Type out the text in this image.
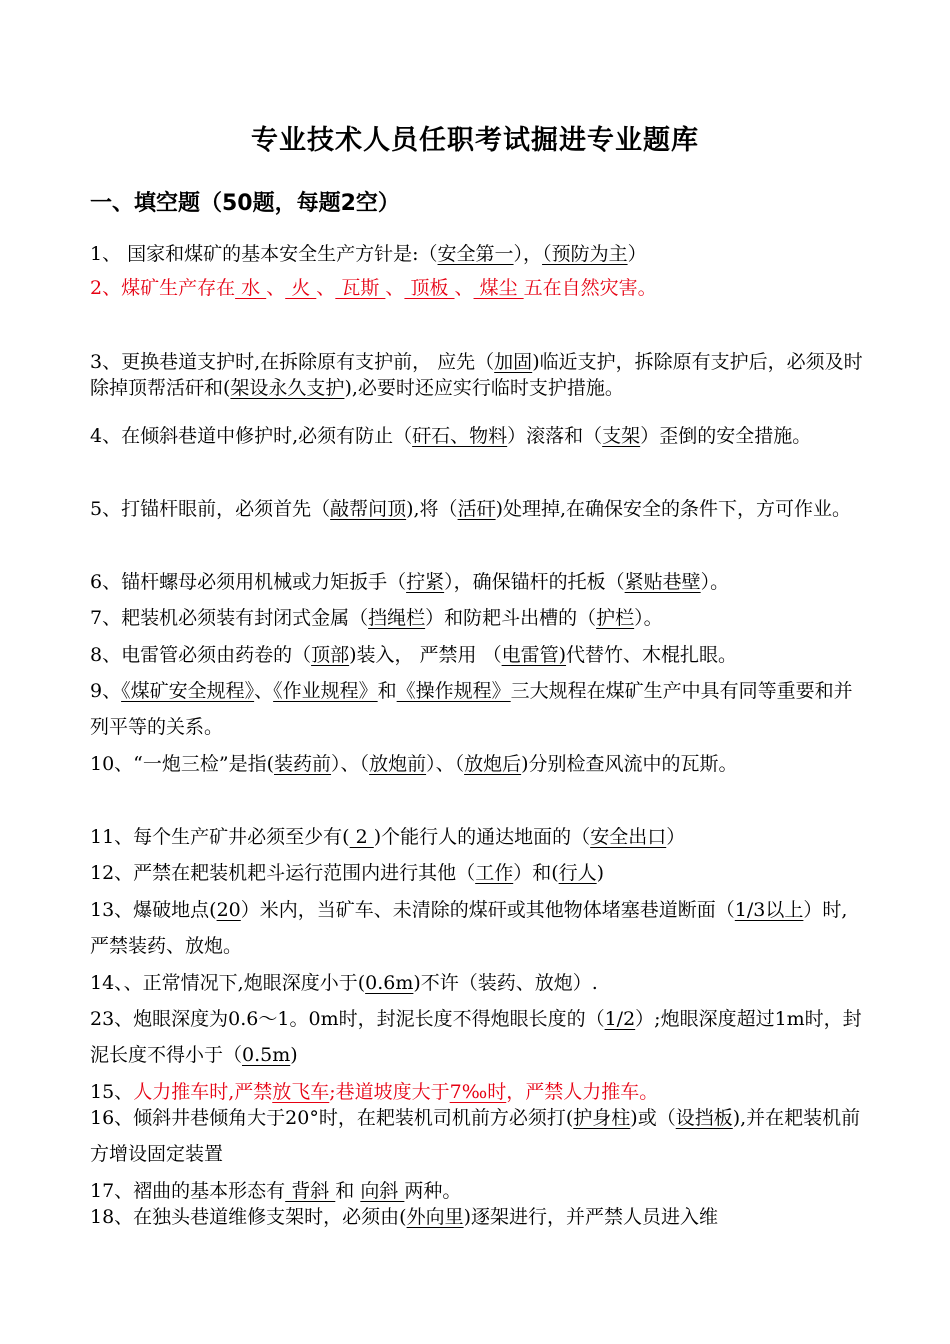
专业技术人员任职考试掘进专业题库
一、填空题（50题，每题2空）
1、 国家和煤矿的基本安全生产方针是:（安全第一），（预防为主）
2、煤矿生产存在 水 、 火 、 瓦斯 、 顶板 、 煤尘 五在自然灾害。
3、更换巷道支护时,在拆除原有支护前， 应先（加固)临近支护，拆除原有支护后，必须及时除掉顶帮活矸和(架设永久支护),必要时还应实行临时支护措施。
4、在倾斜巷道中修护时,必须有防止（矸石、物料）滚落和（支架）歪倒的安全措施。
5、打锚杆眼前，必须首先（敲帮问顶),将（活矸)处理掉,在确保安全的条件下，方可作业。
6、锚杆螺母必须用机械或力矩扳手（拧紧），确保锚杆的托板（紧贴巷壁）。
7、耙装机必须装有封闭式金属（挡绳栏）和防耙斗出槽的（护栏）。
8、电雷管必须由药卷的（顶部)装入， 严禁用 （电雷管)代替竹、木棍扎眼。
9、《煤矿安全规程》、《作业规程》和《操作规程》三大规程在煤矿生产中具有同等重要和并列平等的关系。
10、“一炮三检”是指(装药前）、（放炮前）、（放炮后)分别检查风流中的瓦斯。
11、每个生产矿井必须至少有( 2 )个能行人的通达地面的（安全出口）
12、严禁在耙装机耙斗运行范围内进行其他（工作）和(行人)
13、爆破地点(20）米内，当矿车、未清除的煤矸或其他物体堵塞巷道断面（1/3以上）时,严禁装药、放炮。
14、、正常情况下,炮眼深度小于(0.6m)不许（装药、放炮）.
23、炮眼深度为0.6～1。0m时，封泥长度不得炮眼长度的（1/2）;炮眼深度超过1m时，封泥长度不得小于（0.5m)
15、人力推车时,严禁放飞车;巷道坡度大于7‰时，严禁人力推车。
16、倾斜井巷倾角大于20°时，在耙装机司机前方必须打(护身柱)或（设挡板),并在耙装机前方增设固定装置
17、褶曲的基本形态有 背斜 和 向斜 两种。
18、在独头巷道维修支架时，必须由(外向里)逐架进行，并严禁人员进入维
